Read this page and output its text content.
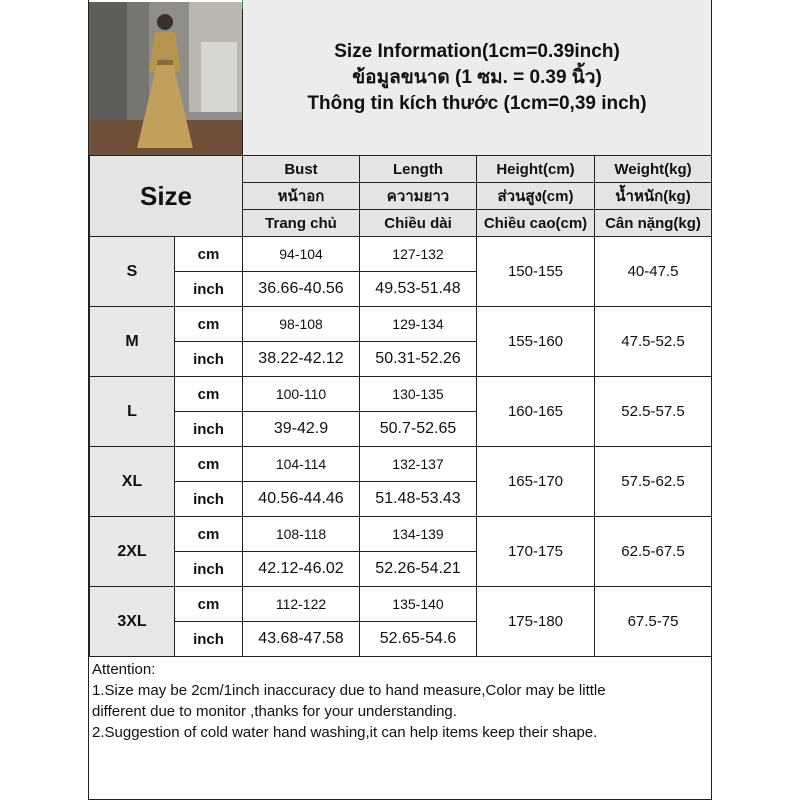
Size Information(1cm=0.39inch)
ข้อมูลขนาด (1 ซม. = 0.39 นิ้ว)
Thông tin kích thước (1cm=0,39 inch)
Size		Bust	Length	Height(cm)	Weight(kg)
		หน้าอก	ความยาว	ส่วนสูง(cm)	น้ำหนัก(kg)
		Trang chủ	Chiều dài	Chiều cao(cm)	Cân nặng(kg)
S	cm	94-104	127-132	150-155	40-47.5
	inch	36.66-40.56	49.53-51.48		
M	cm	98-108	129-134	155-160	47.5-52.5
	inch	38.22-42.12	50.31-52.26		
L	cm	100-110	130-135	160-165	52.5-57.5
	inch	39-42.9	50.7-52.65		
XL	cm	104-114	132-137	165-170	57.5-62.5
	inch	40.56-44.46	51.48-53.43		
2XL	cm	108-118	134-139	170-175	62.5-67.5
	inch	42.12-46.02	52.26-54.21		
3XL	cm	112-122	135-140	175-180	67.5-75
	inch	43.68-47.58	52.65-54.6		
Attention:
1.Size may be 2cm/1inch inaccuracy due to hand measure,Color may be little
different due to monitor ,thanks for your understanding.
2.Suggestion of cold water hand washing,it can help items keep their shape.
